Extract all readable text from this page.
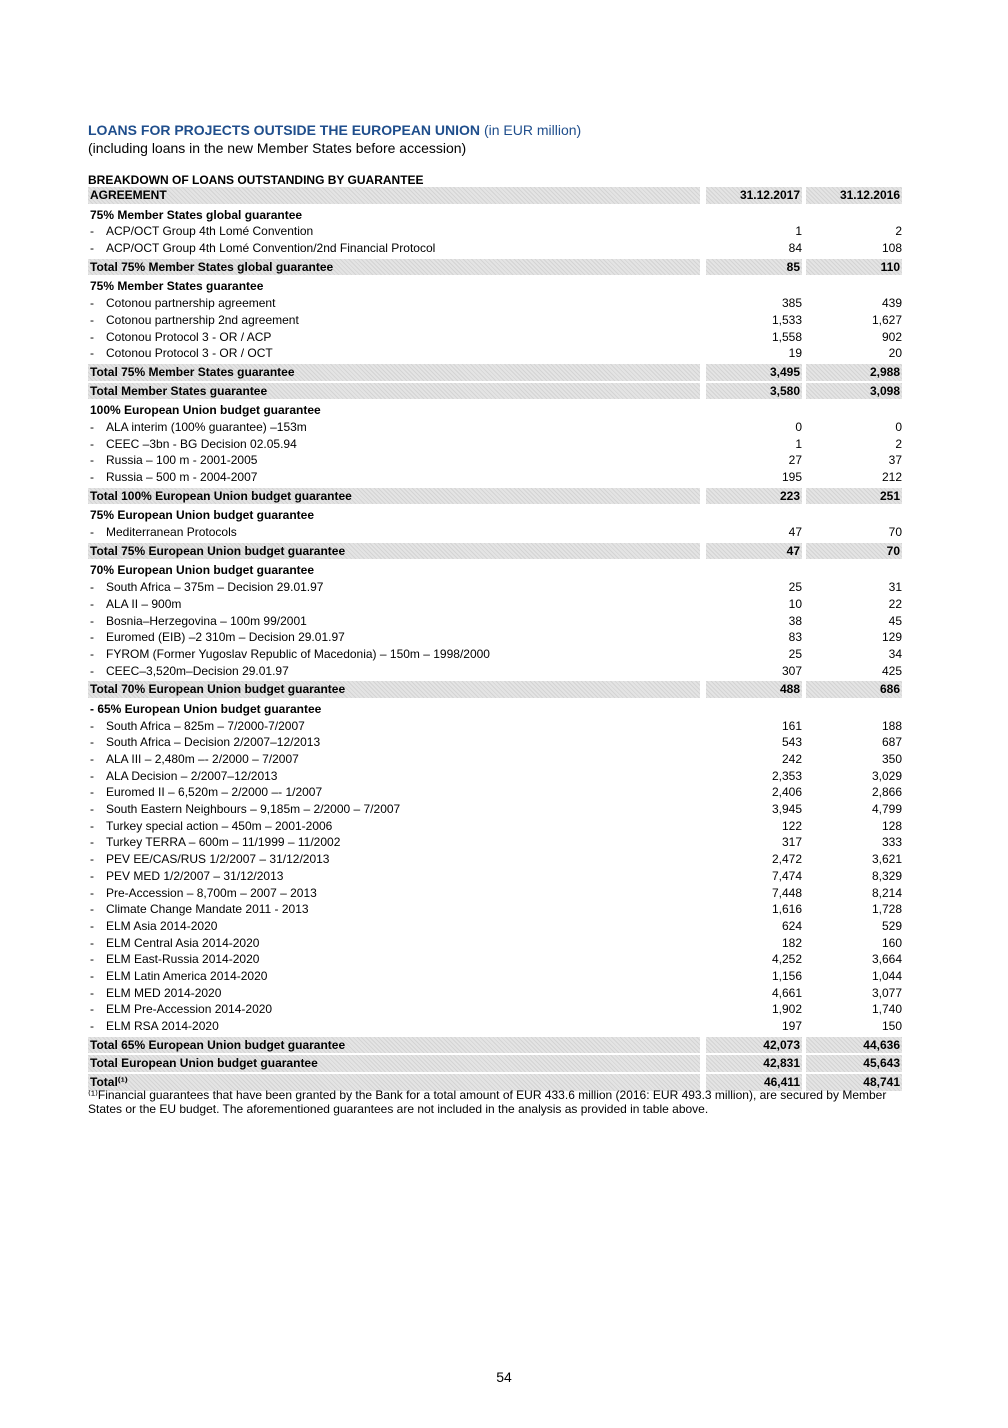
LOANS FOR PROJECTS OUTSIDE THE EUROPEAN UNION (in EUR million)
(including loans in the new Member States before accession)
BREAKDOWN OF LOANS OUTSTANDING BY GUARANTEE
AGREEMENT	31.12.2017	31.12.2016
75% Member States global guarantee
-	ACP/OCT Group 4th Lomé Convention	1	2
-	ACP/OCT Group 4th Lomé Convention/2nd Financial Protocol	84	108
Total 75% Member States global guarantee	85	110
75% Member States guarantee
-	Cotonou partnership agreement	385	439
-	Cotonou partnership 2nd agreement	1,533	1,627
-	Cotonou Protocol 3 - OR / ACP	1,558	902
-	Cotonou Protocol 3 - OR / OCT	19	20
Total 75% Member States guarantee	3,495	2,988
Total Member States guarantee	3,580	3,098
100% European Union budget guarantee
-	ALA interim (100% guarantee) –153m	0	0
-	CEEC –3bn - BG Decision 02.05.94	1	2
-	Russia – 100 m - 2001-2005	27	37
-	Russia – 500 m - 2004-2007	195	212
Total 100% European Union budget guarantee	223	251
75% European Union budget guarantee
-	Mediterranean Protocols	47	70
Total 75% European Union budget guarantee	47	70
70% European Union budget guarantee
-	South Africa – 375m – Decision 29.01.97	25	31
-	ALA II – 900m	10	22
-	Bosnia–Herzegovina – 100m 99/2001	38	45
-	Euromed (EIB) –2 310m – Decision 29.01.97	83	129
-	FYROM (Former Yugoslav Republic of Macedonia) – 150m – 1998/2000	25	34
-	CEEC–3,520m–Decision 29.01.97	307	425
Total 70% European Union budget guarantee	488	686
- 65% European Union budget guarantee
-	South Africa – 825m – 7/2000-7/2007	161	188
-	South Africa – Decision 2/2007–12/2013	543	687
-	ALA III – 2,480m –- 2/2000 – 7/2007	242	350
-	ALA Decision – 2/2007–12/2013	2,353	3,029
-	Euromed II – 6,520m – 2/2000 –- 1/2007	2,406	2,866
-	South Eastern Neighbours – 9,185m – 2/2000 – 7/2007	3,945	4,799
-	Turkey special action – 450m – 2001-2006	122	128
-	Turkey TERRA – 600m – 11/1999 – 11/2002	317	333
-	PEV EE/CAS/RUS 1/2/2007 – 31/12/2013	2,472	3,621
-	PEV MED 1/2/2007 – 31/12/2013	7,474	8,329
-	Pre-Accession – 8,700m – 2007 – 2013	7,448	8,214
-	Climate Change Mandate 2011 - 2013	1,616	1,728
-	ELM Asia 2014-2020	624	529
-	ELM Central Asia 2014-2020	182	160
-	ELM East-Russia 2014-2020	4,252	3,664
-	ELM Latin America 2014-2020	1,156	1,044
-	ELM MED 2014-2020	4,661	3,077
-	ELM Pre-Accession 2014-2020	1,902	1,740
-	ELM RSA 2014-2020	197	150
Total 65% European Union budget guarantee	42,073	44,636
Total European Union budget guarantee	42,831	45,643
Total⁽¹⁾	46,411	48,741
⁽¹⁾Financial guarantees that have been granted by the Bank for a total amount of EUR 433.6 million (2016: EUR 493.3 million), are secured by Member States or the EU budget. The aforementioned guarantees are not included in the analysis as provided in table above.
54
